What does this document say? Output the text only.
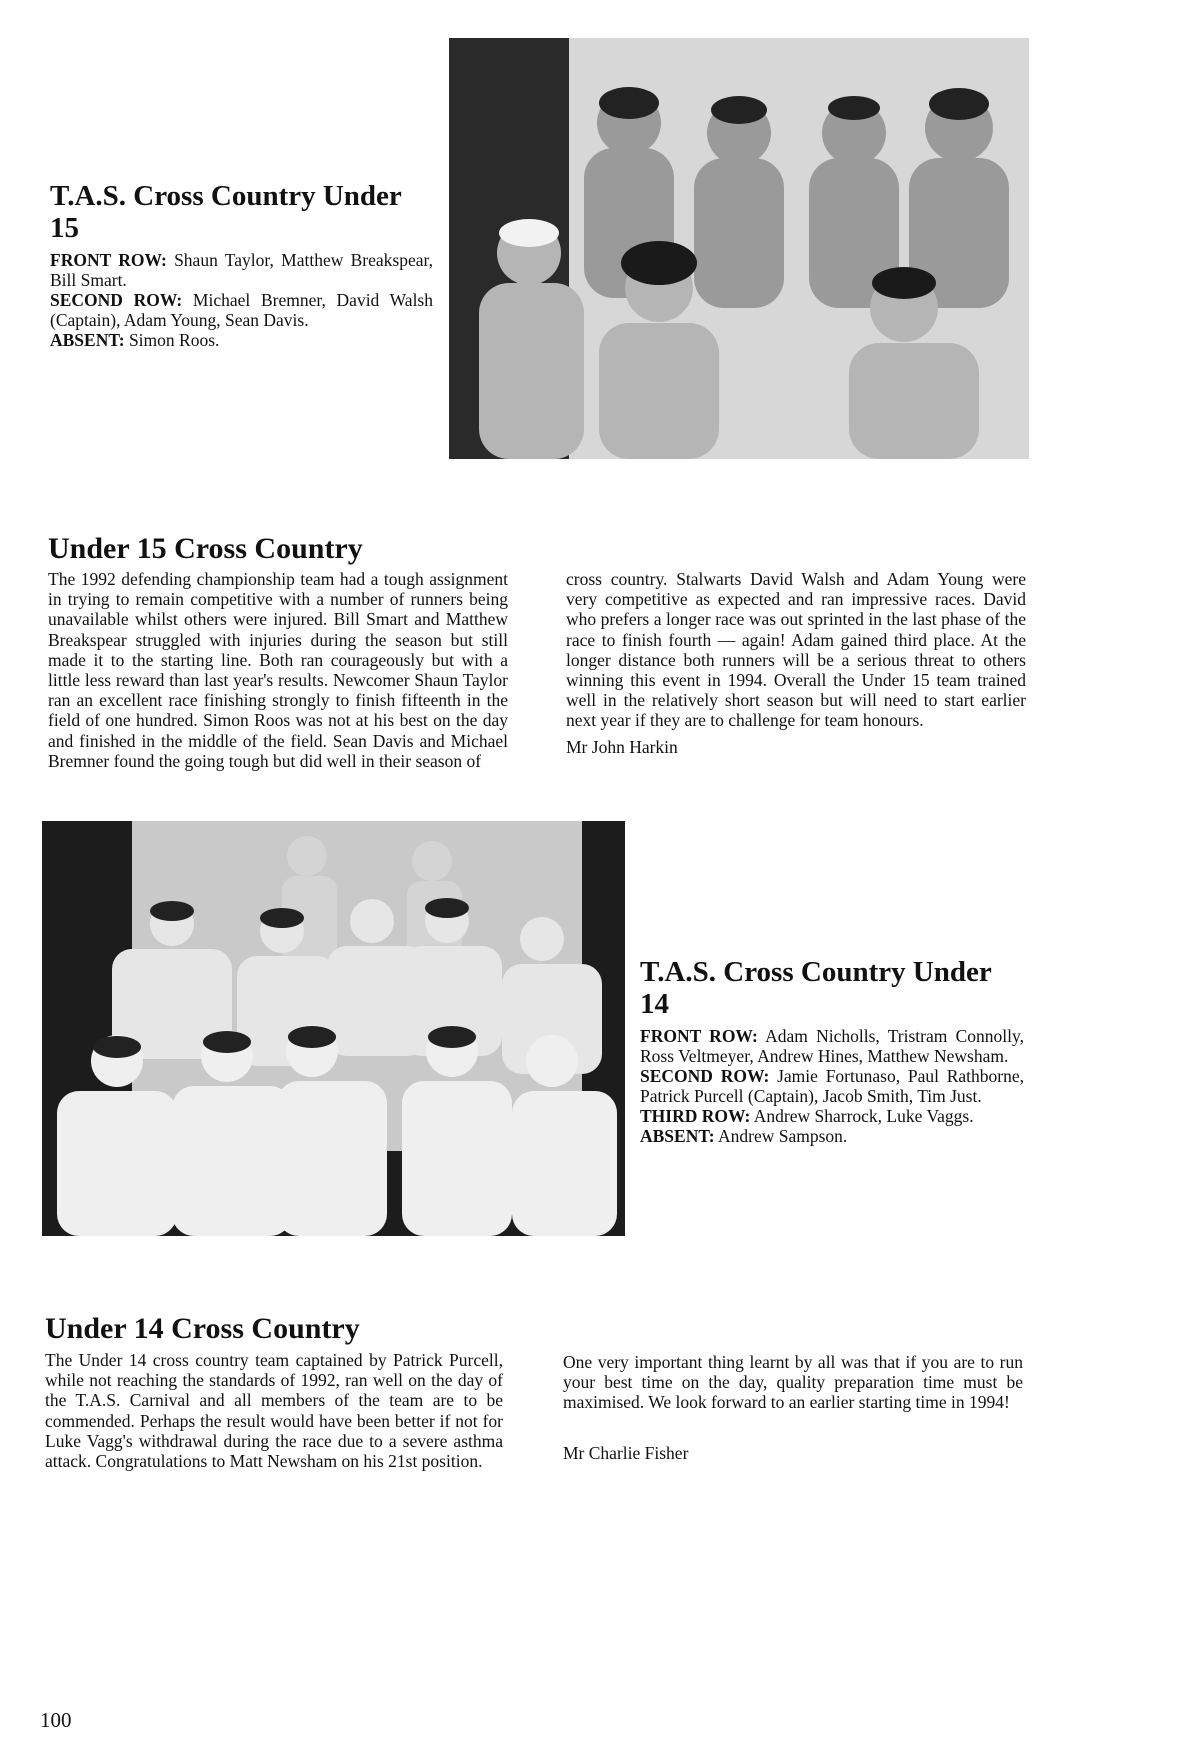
T.A.S. Cross Country Under 15
FRONT ROW: Shaun Taylor, Matthew Breakspear, Bill Smart.
SECOND ROW: Michael Bremner, David Walsh (Captain), Adam Young, Sean Davis.
ABSENT: Simon Roos.
Under 15 Cross Country

The 1992 defending championship team had a tough assignment in trying to remain competitive with a number of runners being unavailable whilst others were injured. Bill Smart and Matthew Breakspear struggled with injuries during the season but still made it to the starting line. Both ran courageously but with a little less reward than last year's results. Newcomer Shaun Taylor ran an excellent race finishing strongly to finish fifteenth in the field of one hundred. Simon Roos was not at his best on the day and finished in the middle of the field. Sean Davis and Michael Bremner found the going tough but did well in their season of

cross country. Stalwarts David Walsh and Adam Young were very competitive as expected and ran impressive races. David who prefers a longer race was out sprinted in the last phase of the race to finish fourth — again! Adam gained third place. At the longer distance both runners will be a serious threat to others winning this event in 1994. Overall the Under 15 team trained well in the relatively short season but will need to start earlier next year if they are to challenge for team honours.

Mr John Harkin
T.A.S. Cross Country Under 14
FRONT ROW: Adam Nicholls, Tristram Connolly, Ross Veltmeyer, Andrew Hines, Matthew Newsham.
SECOND ROW: Jamie Fortunaso, Paul Rathborne, Patrick Purcell (Captain), Jacob Smith, Tim Just.
THIRD ROW: Andrew Sharrock, Luke Vaggs.
ABSENT: Andrew Sampson.
Under 14 Cross Country

The Under 14 cross country team captained by Patrick Purcell, while not reaching the standards of 1992, ran well on the day of the T.A.S. Carnival and all members of the team are to be commended. Perhaps the result would have been better if not for Luke Vagg's withdrawal during the race due to a severe asthma attack. Congratulations to Matt Newsham on his 21st position.

One very important thing learnt by all was that if you are to run your best time on the day, quality preparation time must be maximised. We look forward to an earlier starting time in 1994!

Mr Charlie Fisher
100
